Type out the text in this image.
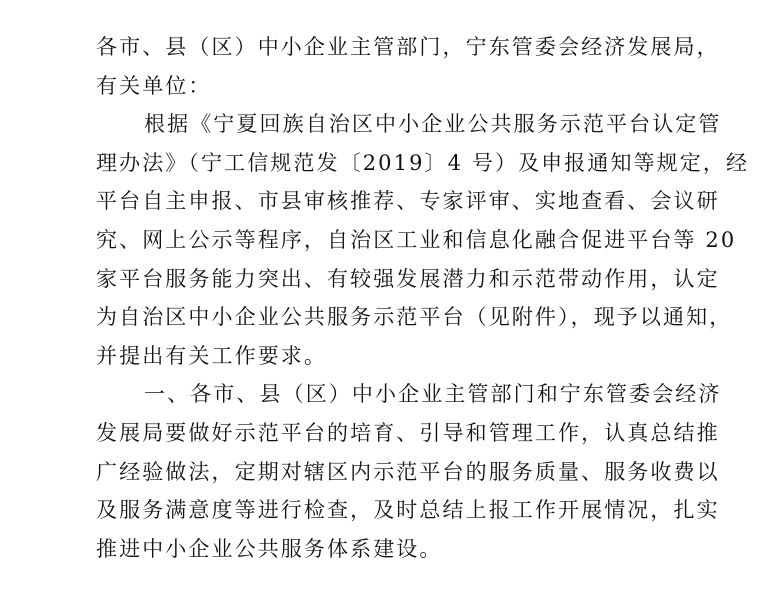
各市、县（区）中小企业主管部门，宁东管委会经济发展局，
有关单位：
根据《宁夏回族自治区中小企业公共服务示范平台认定管
理办法》（宁工信规范发〔2019〕4 号）及申报通知等规定，经
平台自主申报、市县审核推荐、专家评审、实地查看、会议研
究、网上公示等程序，自治区工业和信息化融合促进平台等 20
家平台服务能力突出、有较强发展潜力和示范带动作用，认定
为自治区中小企业公共服务示范平台（见附件），现予以通知，
并提出有关工作要求。
一、各市、县（区）中小企业主管部门和宁东管委会经济
发展局要做好示范平台的培育、引导和管理工作，认真总结推
广经验做法，定期对辖区内示范平台的服务质量、服务收费以
及服务满意度等进行检查，及时总结上报工作开展情况，扎实
推进中小企业公共服务体系建设。
